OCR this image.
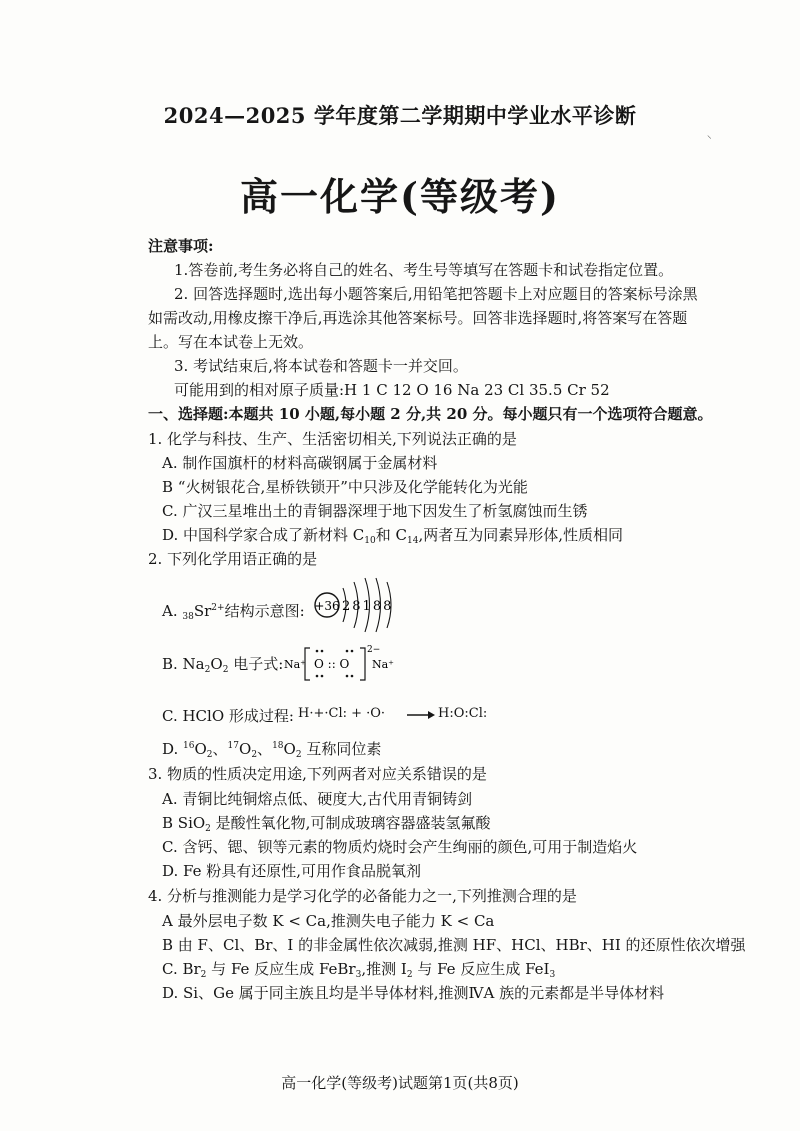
2024—2025 学年度第二学期期中学业水平诊断
⸜
高一化学(等级考)
注意事项:
1.答卷前,考生务必将自己的姓名、考生号等填写在答题卡和试卷指定位置。
2. 回答选择题时,选出每小题答案后,用铅笔把答题卡上对应题目的答案标号涂黑
如需改动,用橡皮擦干净后,再选涂其他答案标号。回答非选择题时,将答案写在答题
上。写在本试卷上无效。
3. 考试结束后,将本试卷和答题卡一并交回。
可能用到的相对原子质量:H 1 C 12 O 16 Na 23 Cl 35.5 Cr 52
一、选择题:本题共 10 小题,每小题 2 分,共 20 分。每小题只有一个选项符合题意。
1. 化学与科技、生产、生活密切相关,下列说法正确的是
A. 制作国旗杆的材料高碳钢属于金属材料
B “火树银花合,星桥铁锁开”中只涉及化学能转化为光能
C. 广汉三星堆出土的青铜器深埋于地下因发生了析氢腐蚀而生锈
D. 中国科学家合成了新材料 $C_{10}$和 $C_{14}$,两者互为同素异形体,性质相同
2. 下列化学用语正确的是
A. $_{38}Sr^{2+}$结构示意图: +36 28188
B. $Na_2O_2$ 电子式: Na⁺ O :: O
2−
Na⁺
C. HClO 形成过程: H·+·Cl: + ·O· → H:O:Cl:
D. $^{16}O_2$、$^{17}O_2$、$^{18}O_2$ 互称同位素
3. 物质的性质决定用途,下列两者对应关系错误的是
A. 青铜比纯铜熔点低、硬度大,古代用青铜铸剑
B SiO$_2$ 是酸性氧化物,可制成玻璃容器盛装氢氟酸
C. 含钙、锶、钡等元素的物质灼烧时会产生绚丽的颜色,可用于制造焰火
D. Fe 粉具有还原性,可用作食品脱氧剂
4. 分析与推测能力是学习化学的必备能力之一,下列推测合理的是
A 最外层电子数 K < Ca,推测失电子能力 K < Ca
B 由 F、Cl、Br、I 的非金属性依次减弱,推测 HF、HCl、HBr、HI 的还原性依次增强
C. $Br_2$ 与 Fe 反应生成 FeBr$_3$,推测 $I_2$ 与 Fe 反应生成 FeI$_3$
D. Si、Ge 属于同主族且均是半导体材料,推测ⅣA 族的元素都是半导体材料
高一化学(等级考)试题第1页(共8页)
